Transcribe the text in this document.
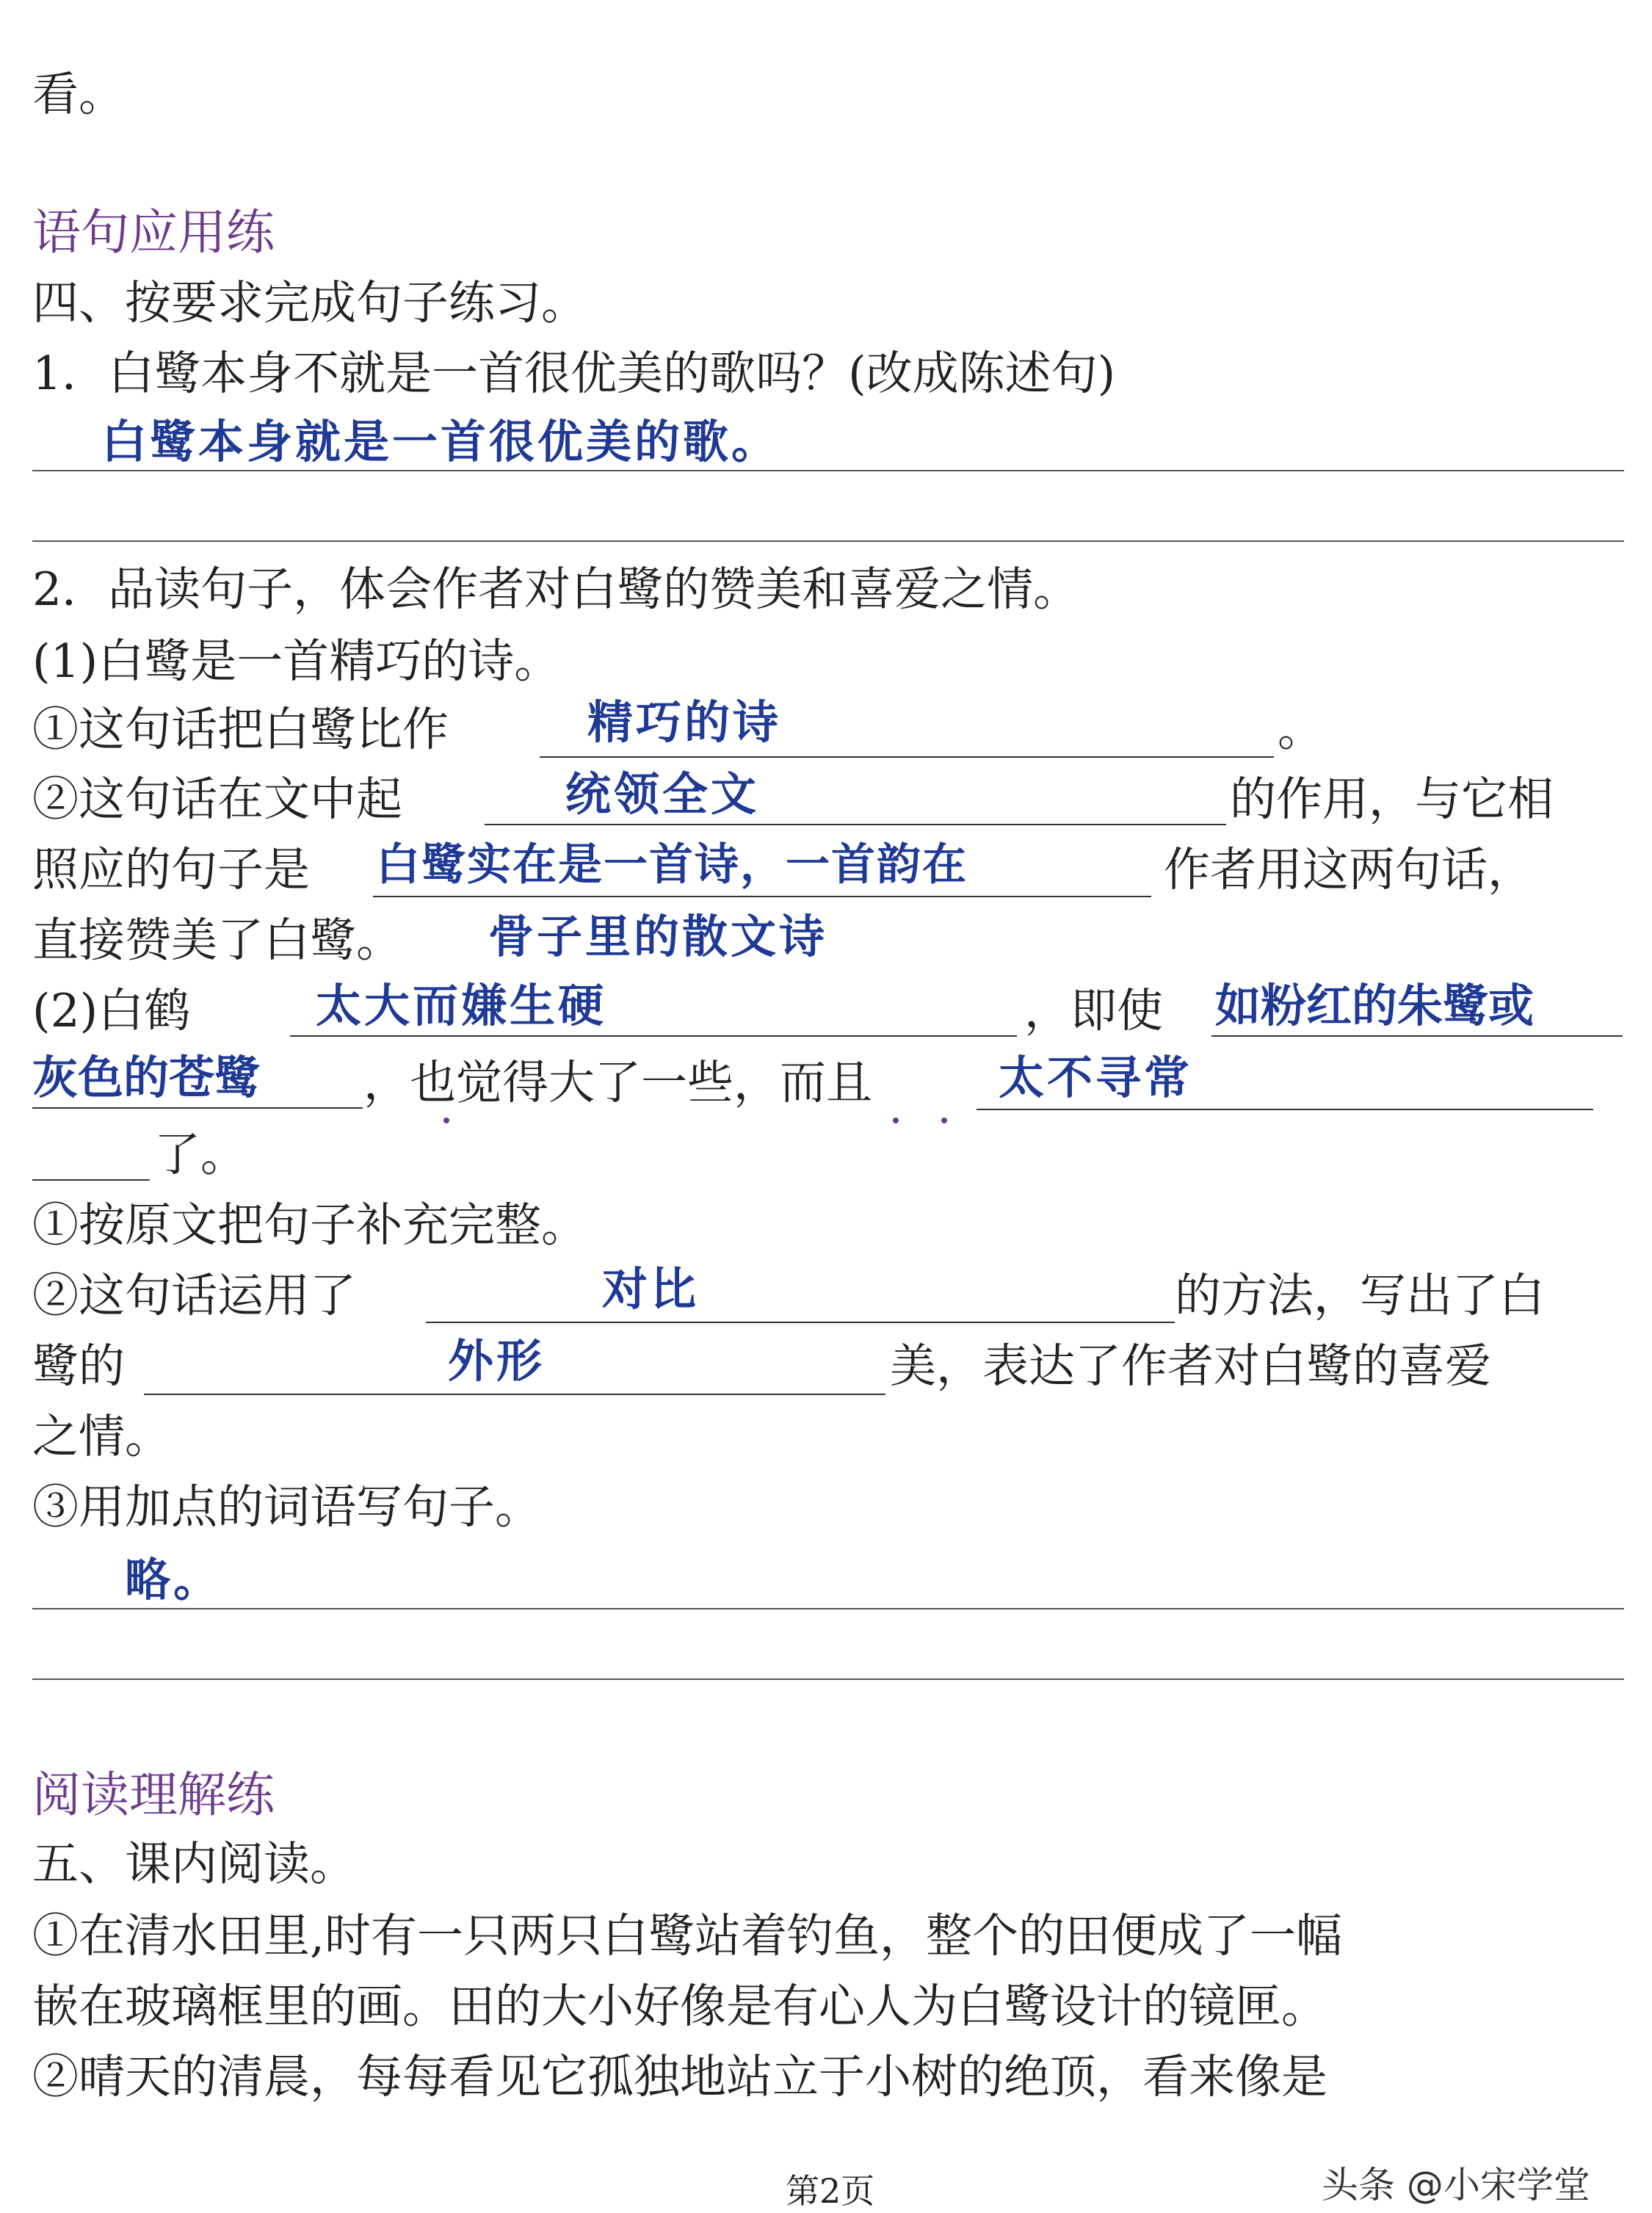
看。
语句应用练
四、按要求完成句子练习。
1．白鹭本身不就是一首很优美的歌吗？(改成陈述句)
白鹭本身就是一首很优美的歌。
2．品读句子，体会作者对白鹭的赞美和喜爱之情。
(1)白鹭是一首精巧的诗。
①这句话把白鹭比作	精巧的诗	。
②这句话在文中起	统领全文	的作用，与它相
照应的句子是 白鹭实在是一首诗，一首韵在	作者用这两句话，
直接赞美了白鹭。 骨子里的散文诗
(2)白鹤	太大而嫌生硬	，即使 如粉红的朱鹭或
灰色的苍鹭 ，也觉得大了一些，而且	太不寻常
了。
①按原文把句子补充完整。
②这句话运用了	对比	的方法，写出了白
鹭的	外形	美，表达了作者对白鹭的喜爱
之情。
③用加点的词语写句子。
略。
阅读理解练
五、课内阅读。
①在清水田里,时有一只两只白鹭站着钓鱼，整个的田便成了一幅
嵌在玻璃框里的画。田的大小好像是有心人为白鹭设计的镜匣。
②晴天的清晨，每每看见它孤独地站立于小树的绝顶，看来像是
第2页	头条 @小宋学堂
